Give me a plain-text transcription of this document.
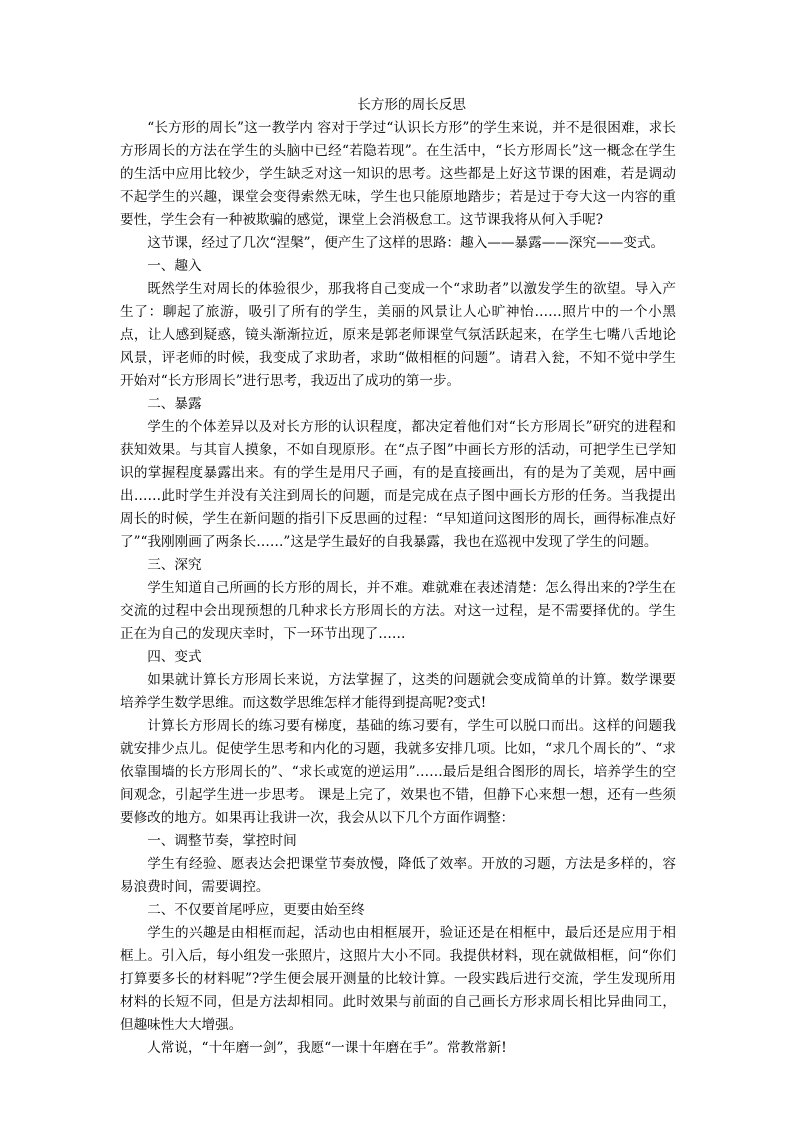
长方形的周长反思

“长方形的周长”这一教学内 容对于学过“认识长方形”的学生来说，并不是很困难，求长方形周长的方法在学生的头脑中已经“若隐若现”。在生活中，“长方形周长”这一概念在学生的生活中应用比较少，学生缺乏对这一知识的思考。这些都是上好这节课的困难，若是调动不起学生的兴趣，课堂会变得索然无味，学生也只能原地踏步；若是过于夸大这一内容的重要性，学生会有一种被欺骗的感觉，课堂上会消极怠工。这节课我将从何入手呢?

这节课，经过了几次“涅槃”，便产生了这样的思路：趣入——暴露——深究——变式。

一、趣入

既然学生对周长的体验很少，那我将自己变成一个“求助者”以激发学生的欲望。导入产生了：聊起了旅游，吸引了所有的学生，美丽的风景让人心旷神怡……照片中的一个小黑点，让人感到疑惑，镜头渐渐拉近，原来是郭老师课堂气氛活跃起来，在学生七嘴八舌地论风景，评老师的时候，我变成了求助者，求助“做相框的问题”。请君入瓮，不知不觉中学生开始对“长方形周长”进行思考，我迈出了成功的第一步。

二、暴露

学生的个体差异以及对长方形的认识程度，都决定着他们对“长方形周长”研究的进程和获知效果。与其盲人摸象，不如自现原形。在“点子图”中画长方形的活动，可把学生已学知识的掌握程度暴露出来。有的学生是用尺子画，有的是直接画出，有的是为了美观，居中画出……此时学生并没有关注到周长的问题，而是完成在点子图中画长方形的任务。当我提出周长的时候，学生在新问题的指引下反思画的过程：“早知道问这图形的周长，画得标准点好了”“我刚刚画了两条长……”这是学生最好的自我暴露，我也在巡视中发现了学生的问题。

三、深究

学生知道自己所画的长方形的周长，并不难。难就难在表述清楚：怎么得出来的?学生在交流的过程中会出现预想的几种求长方形周长的方法。对这一过程，是不需要择优的。学生正在为自己的发现庆幸时，下一环节出现了……

四、变式

如果就计算长方形周长来说，方法掌握了，这类的问题就会变成简单的计算。数学课要培养学生数学思维。而这数学思维怎样才能得到提高呢?变式!

计算长方形周长的练习要有梯度，基础的练习要有，学生可以脱口而出。这样的问题我就安排少点儿。促使学生思考和内化的习题，我就多安排几项。比如，“求几个周长的”、“求依靠围墙的长方形周长的”、“求长或宽的逆运用”……最后是组合图形的周长，培养学生的空间观念，引起学生进一步思考。 课是上完了，效果也不错，但静下心来想一想，还有一些须要修改的地方。如果再让我讲一次，我会从以下几个方面作调整：

一、调整节奏，掌控时间

学生有经验、愿表达会把课堂节奏放慢，降低了效率。开放的习题，方法是多样的，容易浪费时间，需要调控。

二、不仅要首尾呼应，更要由始至终

学生的兴趣是由相框而起，活动也由相框展开，验证还是在相框中，最后还是应用于相框上。引入后，每小组发一张照片，这照片大小不同。我提供材料，现在就做相框，问“你们打算要多长的材料呢”?学生便会展开测量的比较计算。一段实践后进行交流，学生发现所用材料的长短不同，但是方法却相同。此时效果与前面的自己画长方形求周长相比异曲同工，但趣味性大大增强。

人常说，“十年磨一剑”，我愿“一课十年磨在手”。常教常新!
